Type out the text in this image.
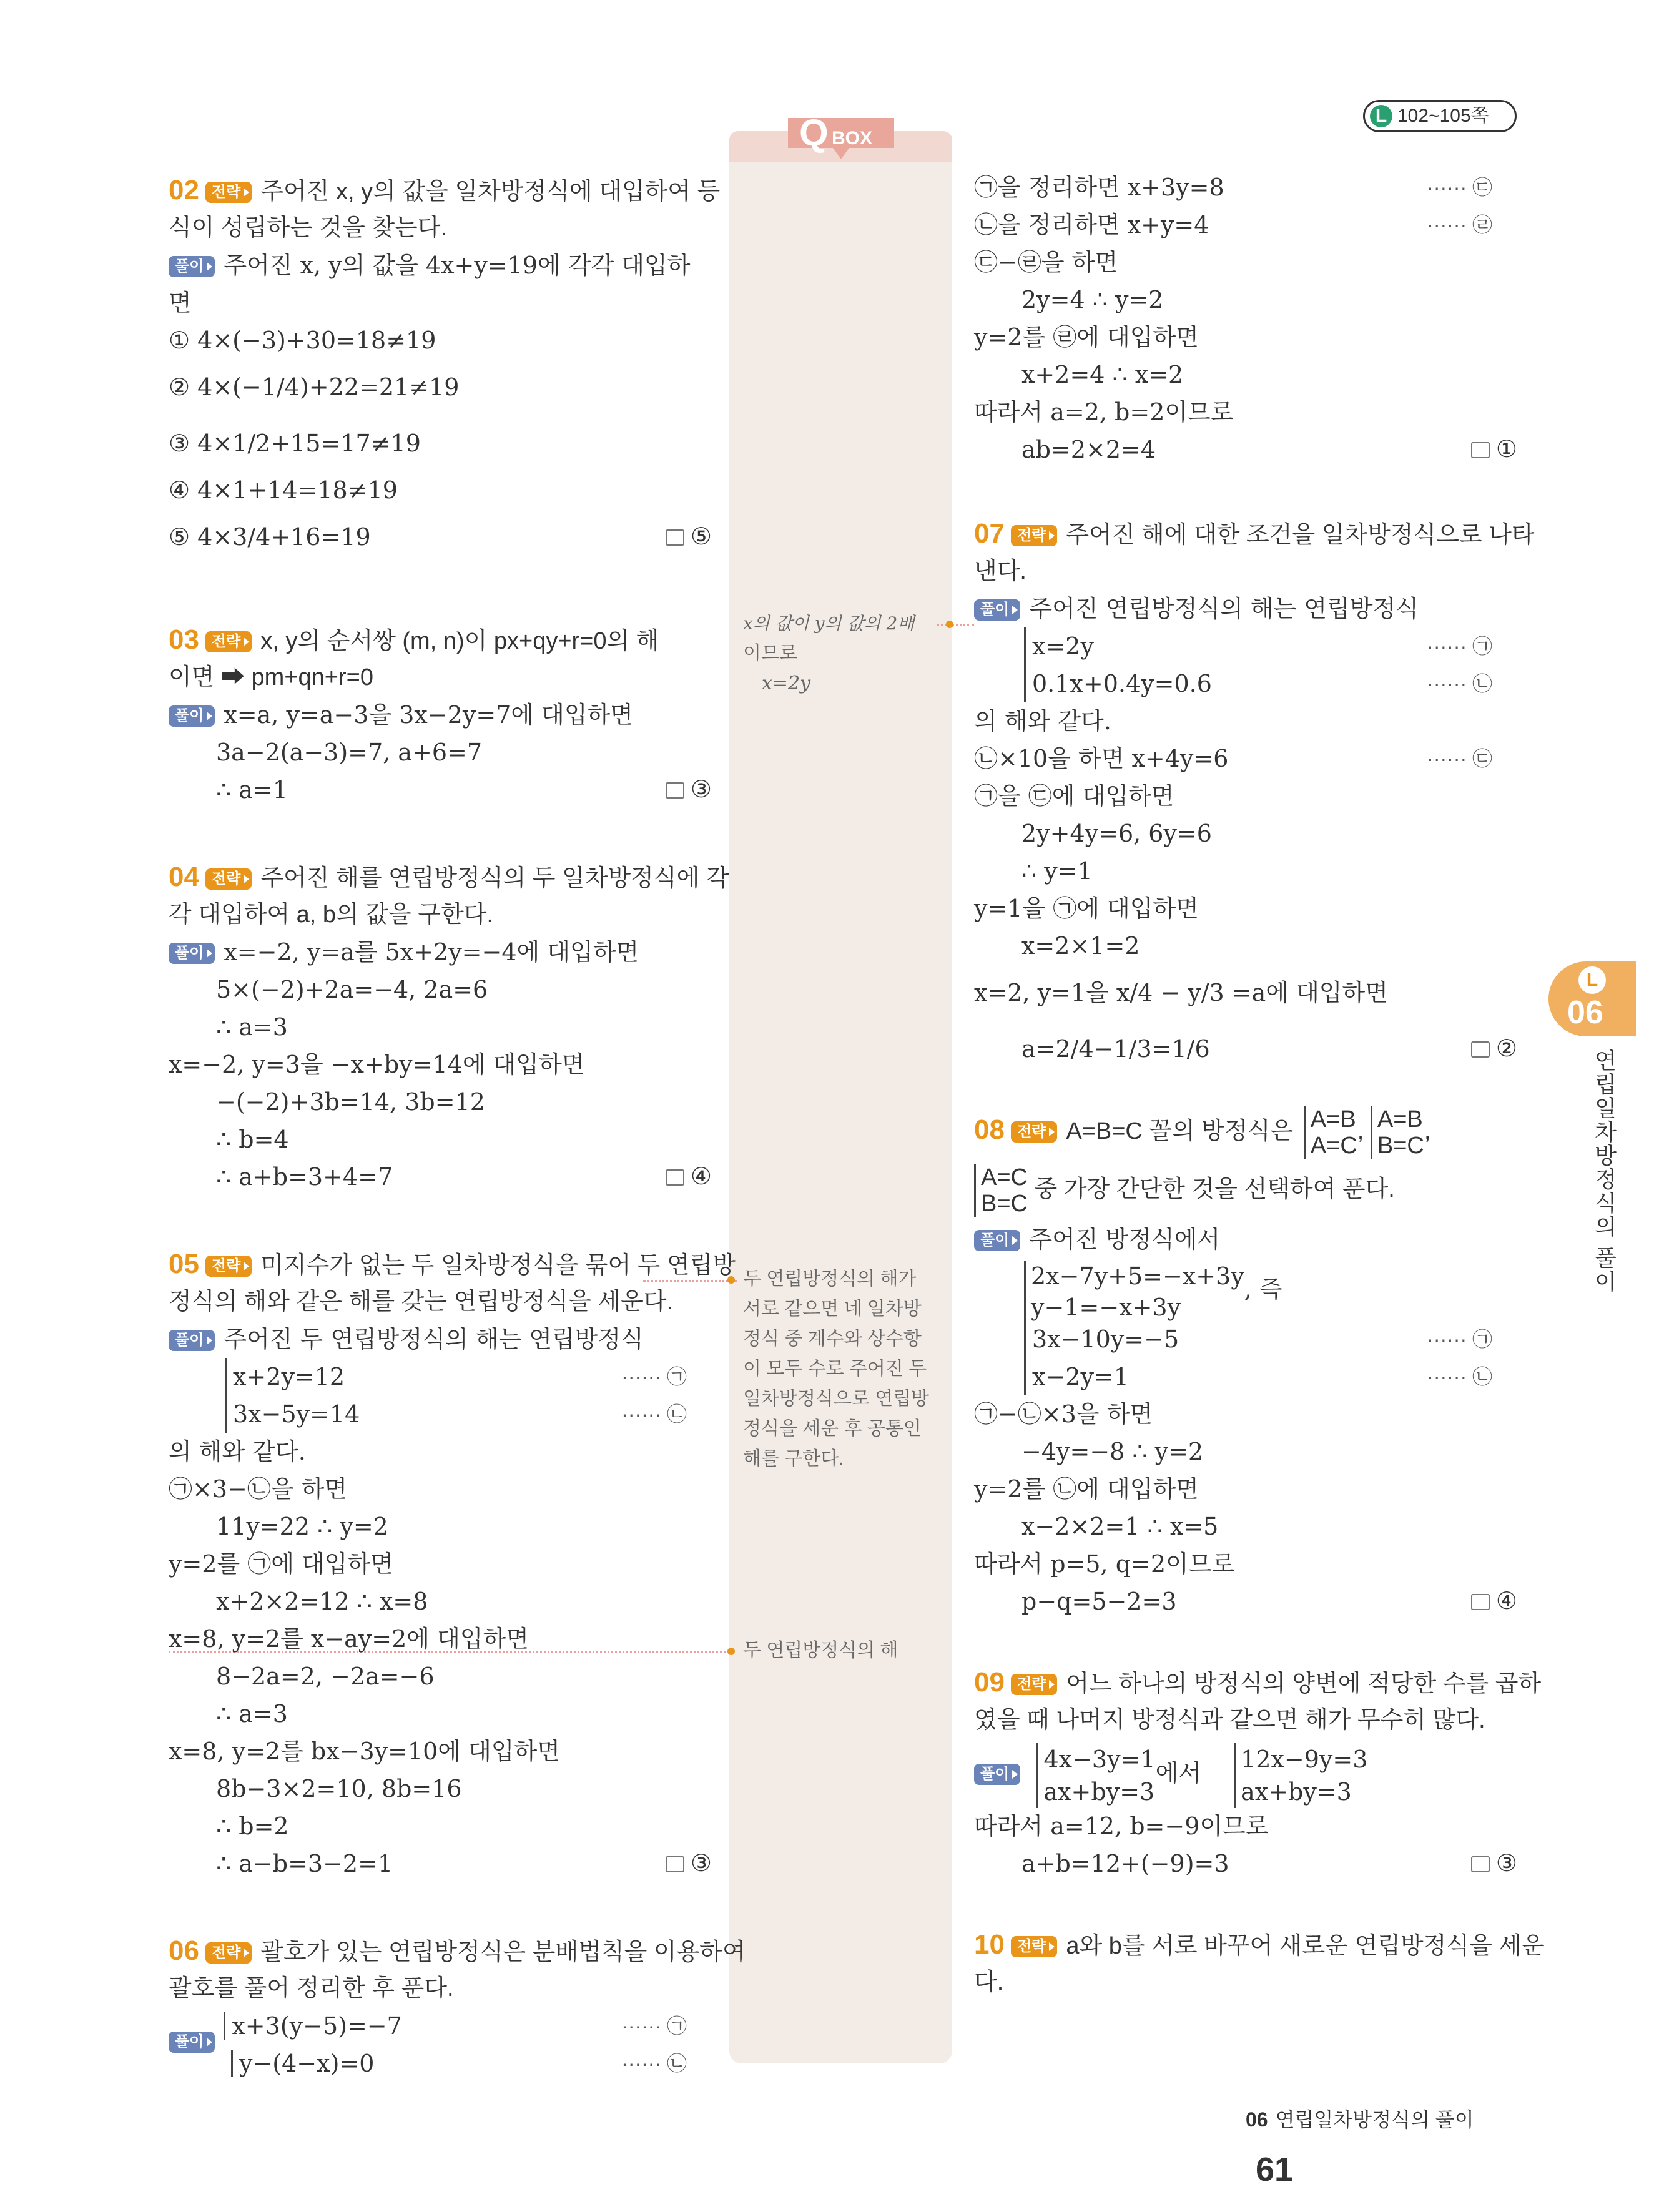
L 102~105쪽
Q BOX
x의 값이 y의 값의 2배
이므로
x=2y
두 연립방정식의 해가
서로 같으면 네 일차방
정식 중 계수와 상수항
이 모두 수로 주어진 두
일차방정식으로 연립방
정식을 세운 후 공통인
해를 구한다.
두 연립방정식의 해
02 전략 주어진 x, y의 값을 일차방정식에 대입하여 등
식이 성립하는 것을 찾는다.
풀이 주어진 x, y의 값을 4x+y=19에 각각 대입하
면
① 4×(−3)+30=18≠19
② 4×(−1/4)+22=21≠19
③ 4×1/2+15=17≠19
④ 4×1+14=18≠19
⑤ 4×3/4+16=19	⑤
03 전략 x, y의 순서쌍 (m, n)이 px+qy+r=0의 해
이면 ➡ pm+qn+r=0
풀이 x=a, y=a−3을 3x−2y=7에 대입하면
3a−2(a−3)=7, a+6=7
∴ a=1	③
04 전략 주어진 해를 연립방정식의 두 일차방정식에 각
각 대입하여 a, b의 값을 구한다.
풀이 x=−2, y=a를 5x+2y=−4에 대입하면
5×(−2)+2a=−4, 2a=6
∴ a=3
x=−2, y=3을 −x+by=14에 대입하면
−(−2)+3b=14, 3b=12
∴ b=4
∴ a+b=3+4=7	④
05 전략 미지수가 없는 두 일차방정식을 묶어 두 연립방
정식의 해와 같은 해를 갖는 연립방정식을 세운다.
풀이 주어진 두 연립방정식의 해는 연립방정식
x+2y=12	······ ㉠
3x−5y=14	······ ㉡
의 해와 같다.
㉠×3−㉡을 하면
11y=22 ∴ y=2
y=2를 ㉠에 대입하면
x+2×2=12 ∴ x=8
x=8, y=2를 x−ay=2에 대입하면
8−2a=2, −2a=−6
∴ a=3
x=8, y=2를 bx−3y=10에 대입하면
8b−3×2=10, 8b=16
∴ b=2
∴ a−b=3−2=1	③
06 전략 괄호가 있는 연립방정식은 분배법칙을 이용하여
괄호를 풀어 정리한 후 푼다.
풀이x+3(y−5)=−7	······ ㉠
y−(4−x)=0	······ ㉡
㉠을 정리하면 x+3y=8	······ ㉢
㉡을 정리하면 x+y=4	······ ㉣
㉢−㉣을 하면
2y=4 ∴ y=2
y=2를 ㉣에 대입하면
x+2=4 ∴ x=2
따라서 a=2, b=2이므로
ab=2×2=4	①
07 전략 주어진 해에 대한 조건을 일차방정식으로 나타
낸다.
풀이 주어진 연립방정식의 해는 연립방정식
x=2y	······ ㉠
0.1x+0.4y=0.6	······ ㉡
의 해와 같다.
㉡×10을 하면 x+4y=6	······ ㉢
㉠을 ㉢에 대입하면
2y+4y=6, 6y=6
∴ y=1
y=1을 ㉠에 대입하면
x=2×1=2
x=2, y=1을 x/4 − y/3 =a에 대입하면
a=2/4−1/3=1/6	②
08 전략 A=B=C 꼴의 방정식은 A=B
A=C
, A=B
B=C
,
A=C
B=C
중 가장 간단한 것을 선택하여 푼다.
풀이 주어진 방정식에서
2x−7y+5=−x+3y
y−1=−x+3y
, 즉
3x−10y=−5	······ ㉠
x−2y=1	······ ㉡
㉠−㉡×3을 하면
−4y=−8 ∴ y=2
y=2를 ㉡에 대입하면
x−2×2=1 ∴ x=5
따라서 p=5, q=2이므로
p−q=5−2=3	④
09 전략 어느 하나의 방정식의 양변에 적당한 수를 곱하
였을 때 나머지 방정식과 같으면 해가 무수히 많다.
풀이
4x−3y=1
ax+by=3
에서
12x−9y=3
ax+by=3
따라서 a=12, b=−9이므로
a+b=12+(−9)=3	③
10 전략 a와 b를 서로 바꾸어 새로운 연립방정식을 세운
다.
L
06
연립일차방정식의 풀이
06 연립일차방정식의 풀이 61
